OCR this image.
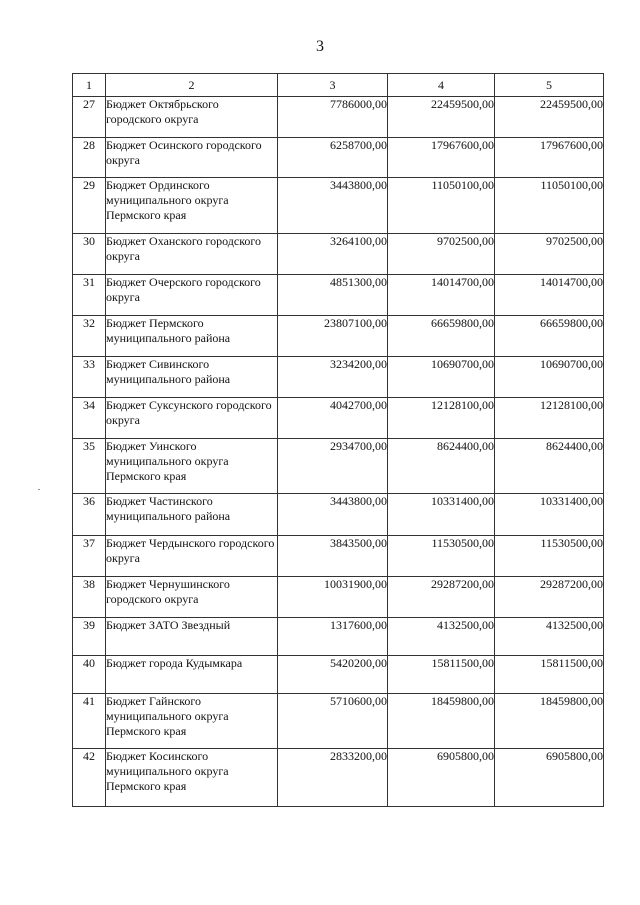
3
1	2	3	4	5
27	Бюджет Октябрьского городского округа	7786000,00	22459500,00	22459500,00
28	Бюджет Осинского городского округа	6258700,00	17967600,00	17967600,00
29	Бюджет Ординского муниципального округа Пермского края	3443800,00	11050100,00	11050100,00
30	Бюджет Оханского городского округа	3264100,00	9702500,00	9702500,00
31	Бюджет Очерского городского округа	4851300,00	14014700,00	14014700,00
32	Бюджет Пермского муниципального района	23807100,00	66659800,00	66659800,00
33	Бюджет Сивинского муниципального района	3234200,00	10690700,00	10690700,00
34	Бюджет Суксунского городского округа	4042700,00	12128100,00	12128100,00
35	Бюджет Уинского муниципального округа Пермского края	2934700,00	8624400,00	8624400,00
36	Бюджет Частинского муниципального района	3443800,00	10331400,00	10331400,00
37	Бюджет Чердынского городского округа	3843500,00	11530500,00	11530500,00
38	Бюджет Чернушинского городского округа	10031900,00	29287200,00	29287200,00
39	Бюджет ЗАТО Звездный	1317600,00	4132500,00	4132500,00
40	Бюджет города Кудымкара	5420200,00	15811500,00	15811500,00
41	Бюджет Гайнского муниципального округа Пермского края	5710600,00	18459800,00	18459800,00
42	Бюджет Косинского муниципального округа Пермского края	2833200,00	6905800,00	6905800,00
